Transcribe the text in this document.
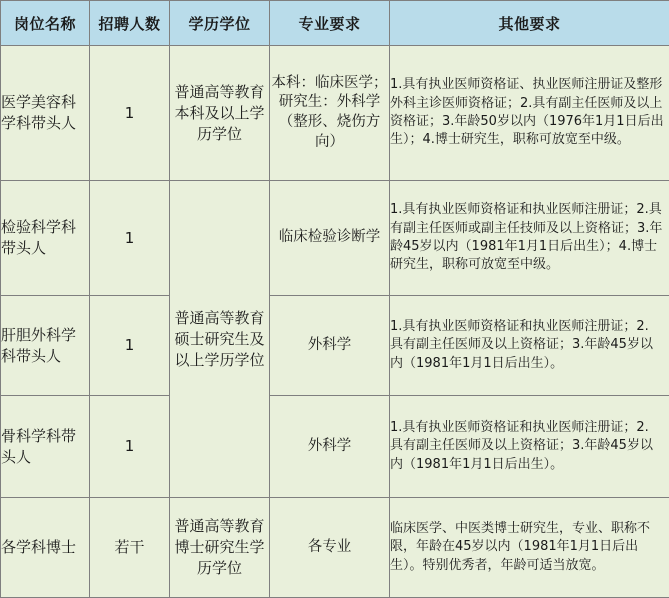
岗位名称	招聘人数	学历学位	专业要求	其他要求
医学美容科学科带头人	1	普通高等教育本科及以上学历学位	本科：临床医学；研究生：外科学（整形、烧伤方向）	1.具有执业医师资格证、执业医师注册证及整形外科主诊医师资格证；2.具有副主任医师及以上资格证；3.年龄50岁以内（1976年1月1日后出生）；4.博士研究生，职称可放宽至中级。
检验科学科带头人	1	普通高等教育硕士研究生及以上学历学位	临床检验诊断学	1.具有执业医师资格证和执业医师注册证；2.具有副主任医师或副主任技师及以上资格证；3.年龄45岁以内（1981年1月1日后出生）；4.博士研究生，职称可放宽至中级。
肝胆外科学科带头人	1		外科学	1.具有执业医师资格证和执业医师注册证；2.具有副主任医师及以上资格证；3.年龄45岁以内（1981年1月1日后出生）。
骨科学科带头人	1		外科学	1.具有执业医师资格证和执业医师注册证；2.具有副主任医师及以上资格证；3.年龄45岁以内（1981年1月1日后出生）。
各学科博士	若干	普通高等教育博士研究生学历学位	各专业	临床医学、中医类博士研究生，专业、职称不限，年龄在45岁以内（1981年1月1日后出生）。特别优秀者，年龄可适当放宽。
